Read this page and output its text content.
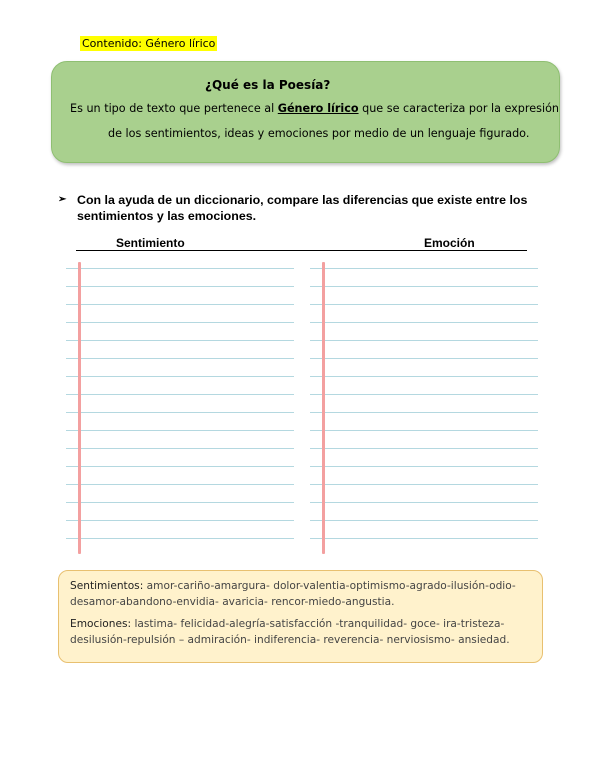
Contenido: Género lírico
¿Qué es la Poesía?
Es un tipo de texto que pertenece al Género lírico que se caracteriza por la expresión
de los sentimientos, ideas y emociones por medio de un lenguaje figurado.
➢ Con la ayuda de un diccionario, compare las diferencias que existe entre los sentimientos y las emociones.
Sentimiento	Emoción
Sentimientos: amor-cariño-amargura- dolor-valentia-optimismo-agrado-ilusión-odio-desamor-abandono-envidia- avaricia- rencor-miedo-angustia.
Emociones: lastima- felicidad-alegría-satisfacción -tranquilidad- goce- ira-tristeza-desilusión-repulsión – admiración- indiferencia- reverencia- nerviosismo- ansiedad.
